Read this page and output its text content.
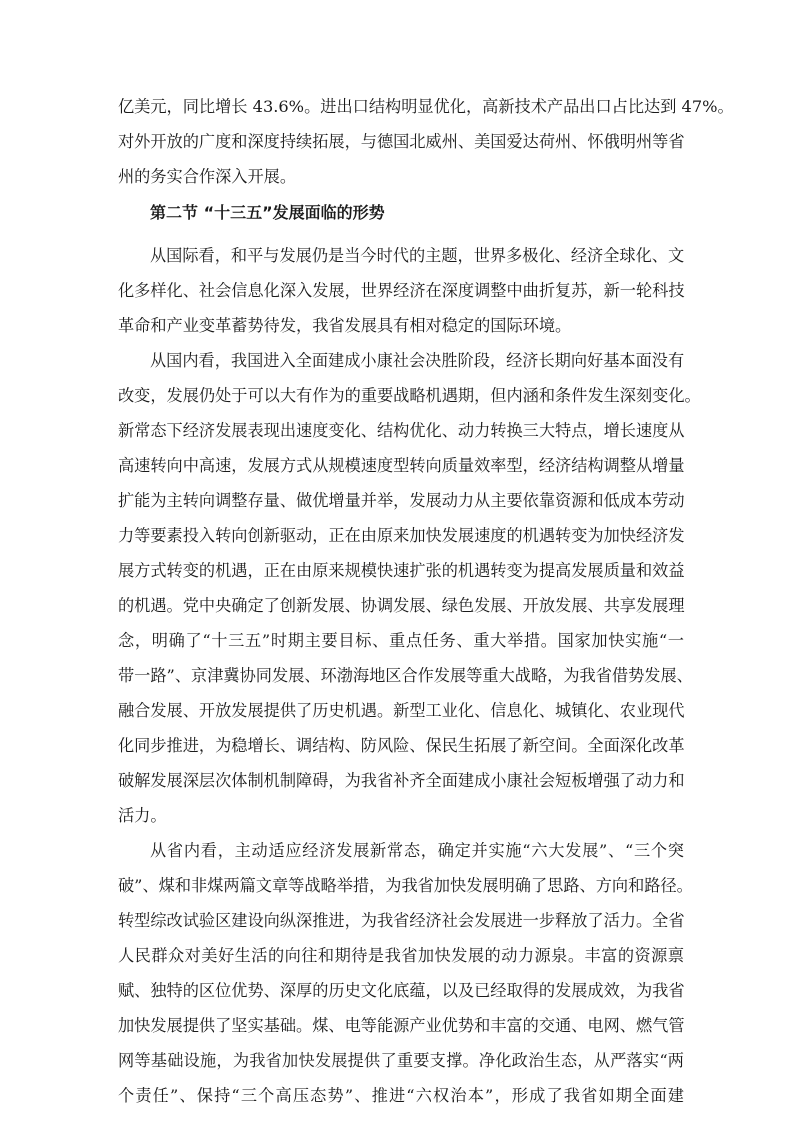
亿美元，同比增长 43.6%。进出口结构明显优化，高新技术产品出口占比达到 47%。
对外开放的广度和深度持续拓展，与德国北威州、美国爱达荷州、怀俄明州等省
州的务实合作深入开展。
第二节 “十三五”发展面临的形势
从国际看，和平与发展仍是当今时代的主题，世界多极化、经济全球化、文
化多样化、社会信息化深入发展，世界经济在深度调整中曲折复苏，新一轮科技
革命和产业变革蓄势待发，我省发展具有相对稳定的国际环境。
从国内看，我国进入全面建成小康社会决胜阶段，经济长期向好基本面没有
改变，发展仍处于可以大有作为的重要战略机遇期，但内涵和条件发生深刻变化。
新常态下经济发展表现出速度变化、结构优化、动力转换三大特点，增长速度从
高速转向中高速，发展方式从规模速度型转向质量效率型，经济结构调整从增量
扩能为主转向调整存量、做优增量并举，发展动力从主要依靠资源和低成本劳动
力等要素投入转向创新驱动，正在由原来加快发展速度的机遇转变为加快经济发
展方式转变的机遇，正在由原来规模快速扩张的机遇转变为提高发展质量和效益
的机遇。党中央确定了创新发展、协调发展、绿色发展、开放发展、共享发展理
念，明确了“十三五”时期主要目标、重点任务、重大举措。国家加快实施“一
带一路”、京津冀协同发展、环渤海地区合作发展等重大战略，为我省借势发展、
融合发展、开放发展提供了历史机遇。新型工业化、信息化、城镇化、农业现代
化同步推进，为稳增长、调结构、防风险、保民生拓展了新空间。全面深化改革
破解发展深层次体制机制障碍，为我省补齐全面建成小康社会短板增强了动力和
活力。
从省内看，主动适应经济发展新常态，确定并实施“六大发展”、“三个突
破”、煤和非煤两篇文章等战略举措，为我省加快发展明确了思路、方向和路径。
转型综改试验区建设向纵深推进，为我省经济社会发展进一步释放了活力。全省
人民群众对美好生活的向往和期待是我省加快发展的动力源泉。丰富的资源禀
赋、独特的区位优势、深厚的历史文化底蕴，以及已经取得的发展成效，为我省
加快发展提供了坚实基础。煤、电等能源产业优势和丰富的交通、电网、燃气管
网等基础设施，为我省加快发展提供了重要支撑。净化政治生态，从严落实“两
个责任”、保持“三个高压态势”、推进“六权治本”，形成了我省如期全面建
